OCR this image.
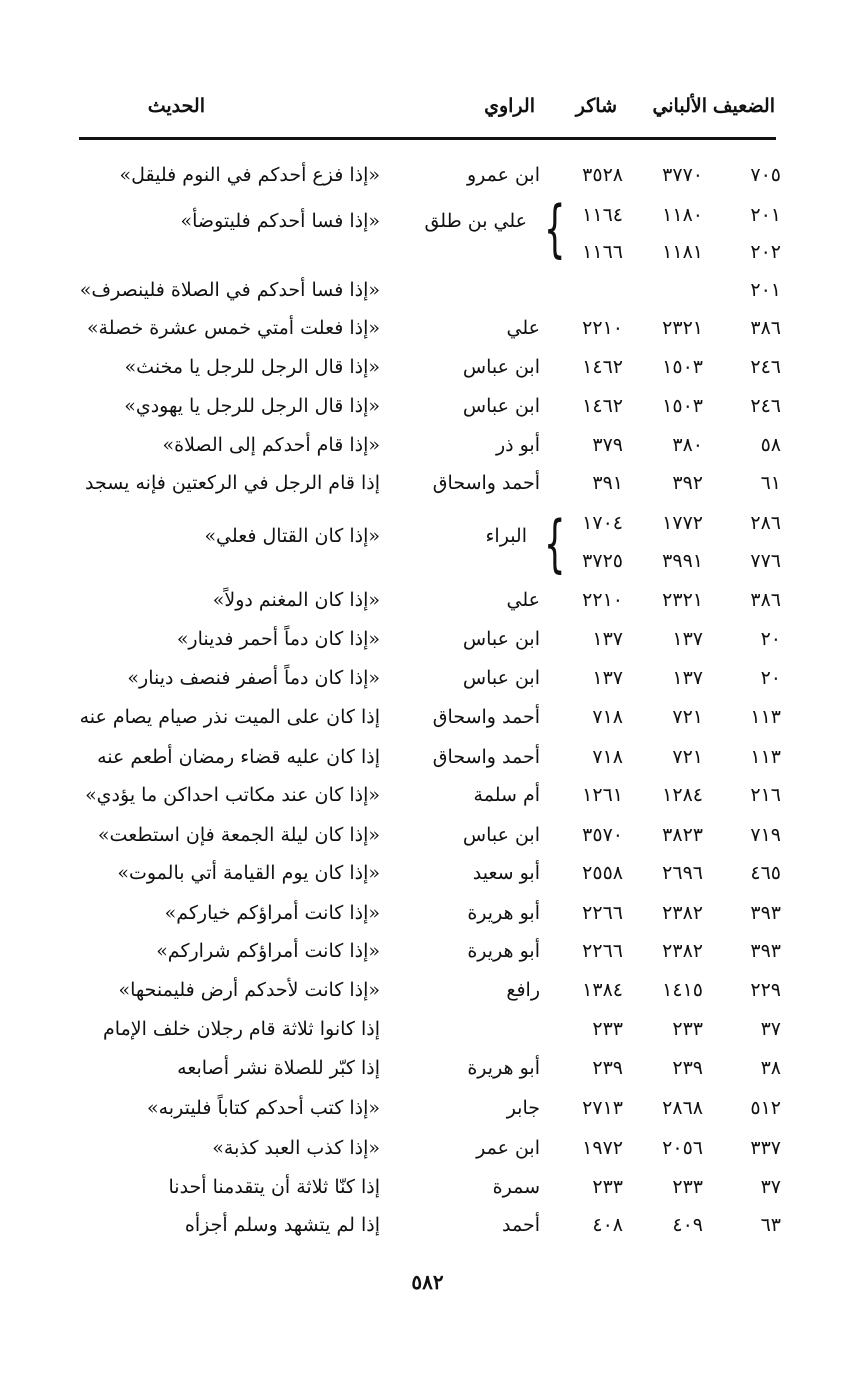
الضعيف
الألباني
شاكر
الراوي
الحديث
٧٠٥
٣٧٧٠
٣٥٢٨
ابن عمرو
«إذا فزع أحدكم في النوم فليقل»
٢٠١
١١٨٠
١١٦٤
٢٠٢
١١٨١
١١٦٦
٢٠١
«إذا فسا أحدكم في الصلاة فلينصرف»
٣٨٦
٢٣٢١
٢٢١٠
علي
«إذا فعلت أمتي خمس عشرة خصلة»
٢٤٦
١٥٠٣
١٤٦٢
ابن عباس
«إذا قال الرجل للرجل يا مخنث»
٢٤٦
١٥٠٣
١٤٦٢
ابن عباس
«إذا قال الرجل للرجل يا يهودي»
٥٨
٣٨٠
٣٧٩
أبو ذر
«إذا قام أحدكم إلى الصلاة»
٦١
٣٩٢
٣٩١
أحمد واسحاق
إذا قام الرجل في الركعتين فإنه يسجد
٢٨٦
١٧٧٢
١٧٠٤
٧٧٦
٣٩٩١
٣٧٢٥
٣٨٦
٢٣٢١
٢٢١٠
علي
«إذا كان المغنم دولاً»
٢٠
١٣٧
١٣٧
ابن عباس
«إذا كان دماً أحمر فدينار»
٢٠
١٣٧
١٣٧
ابن عباس
«إذا كان دماً أصفر فنصف دينار»
١١٣
٧٢١
٧١٨
أحمد واسحاق
إذا كان على الميت نذر صيام يصام عنه
١١٣
٧٢١
٧١٨
أحمد واسحاق
إذا كان عليه قضاء رمضان أطعم عنه
٢١٦
١٢٨٤
١٢٦١
أم سلمة
«إذا كان عند مكاتب احداكن ما يؤدي»
٧١٩
٣٨٢٣
٣٥٧٠
ابن عباس
«إذا كان ليلة الجمعة فإن استطعت»
٤٦٥
٢٦٩٦
٢٥٥٨
أبو سعيد
«إذا كان يوم القيامة أتي بالموت»
٣٩٣
٢٣٨٢
٢٢٦٦
أبو هريرة
«إذا كانت أمراؤكم خياركم»
٣٩٣
٢٣٨٢
٢٢٦٦
أبو هريرة
«إذا كانت أمراؤكم شراركم»
٢٢٩
١٤١٥
١٣٨٤
رافع
«إذا كانت لأحدكم أرض فليمنحها»
٣٧
٢٣٣
٢٣٣
إذا كانوا ثلاثة قام رجلان خلف الإمام
٣٨
٢٣٩
٢٣٩
أبو هريرة
إذا كبّر للصلاة نشر أصابعه
٥١٢
٢٨٦٨
٢٧١٣
جابر
«إذا كتب أحدكم كتاباً فليتربه»
٣٣٧
٢٠٥٦
١٩٧٢
ابن عمر
«إذا كذب العبد كذبة»
٣٧
٢٣٣
٢٣٣
سمرة
إذا كنّا ثلاثة أن يتقدمنا أحدنا
٦٣
٤٠٩
٤٠٨
أحمد
إذا لم يتشهد وسلم أجزأه
علي بن طلق }
«إذا فسا أحدكم فليتوضأ»
البراء }
«إذا كان القتال فعلي»
٥٨٢
